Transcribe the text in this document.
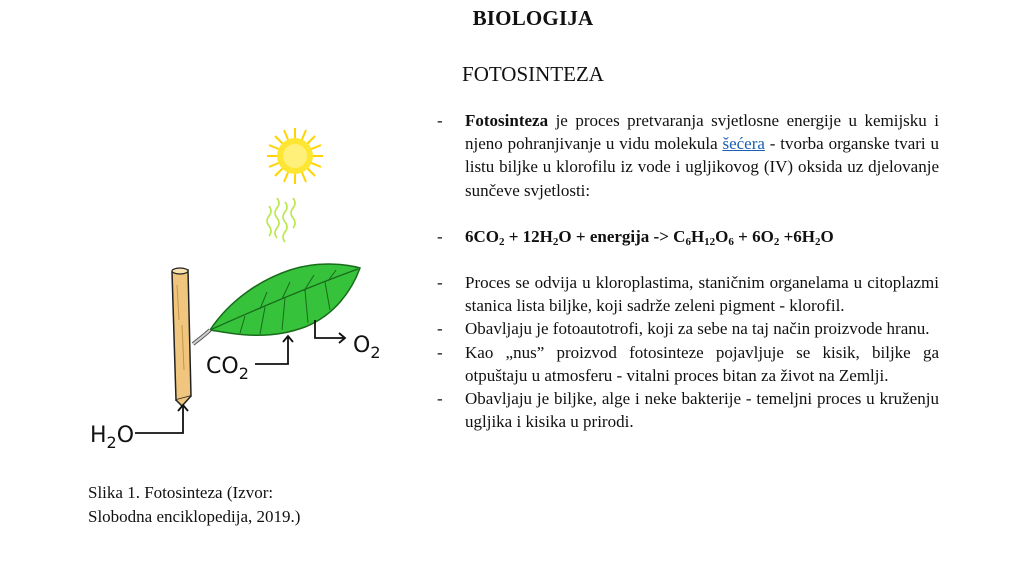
BIOLOGIJA
FOTOSINTEZA
$O_2$
$CO_2$
$H_2O$
Slika 1. Fotosinteza (Izvor:
Slobodna enciklopedija, 2019.)
-	Fotosinteza je proces pretvaranja svjetlosne energije u kemijsku i njeno pohranjivanje u vidu molekula šećera - tvorba organske tvari u listu biljke u klorofilu iz vode i ugljikovog (IV) oksida uz djelovanje sunčeve svjetlosti:
-	$6CO_2 + 12H_2O$ + energija -> $C_6H_{12}O_6 + 6O_2 +6H_2O$
-	Proces se odvija u kloroplastima, staničnim organelama u citoplazmi stanica lista biljke, koji sadrže zeleni pigment - klorofil.
-	Obavljaju je fotoautotrofi, koji za sebe na taj način proizvode hranu.
-	Kao „nus” proizvod fotosinteze pojavljuje se kisik, biljke ga otpuštaju u atmosferu - vitalni proces bitan za život na Zemlji.
-	Obavljaju je biljke, alge i neke bakterije - temeljni proces u kruženju ugljika i kisika u prirodi.
